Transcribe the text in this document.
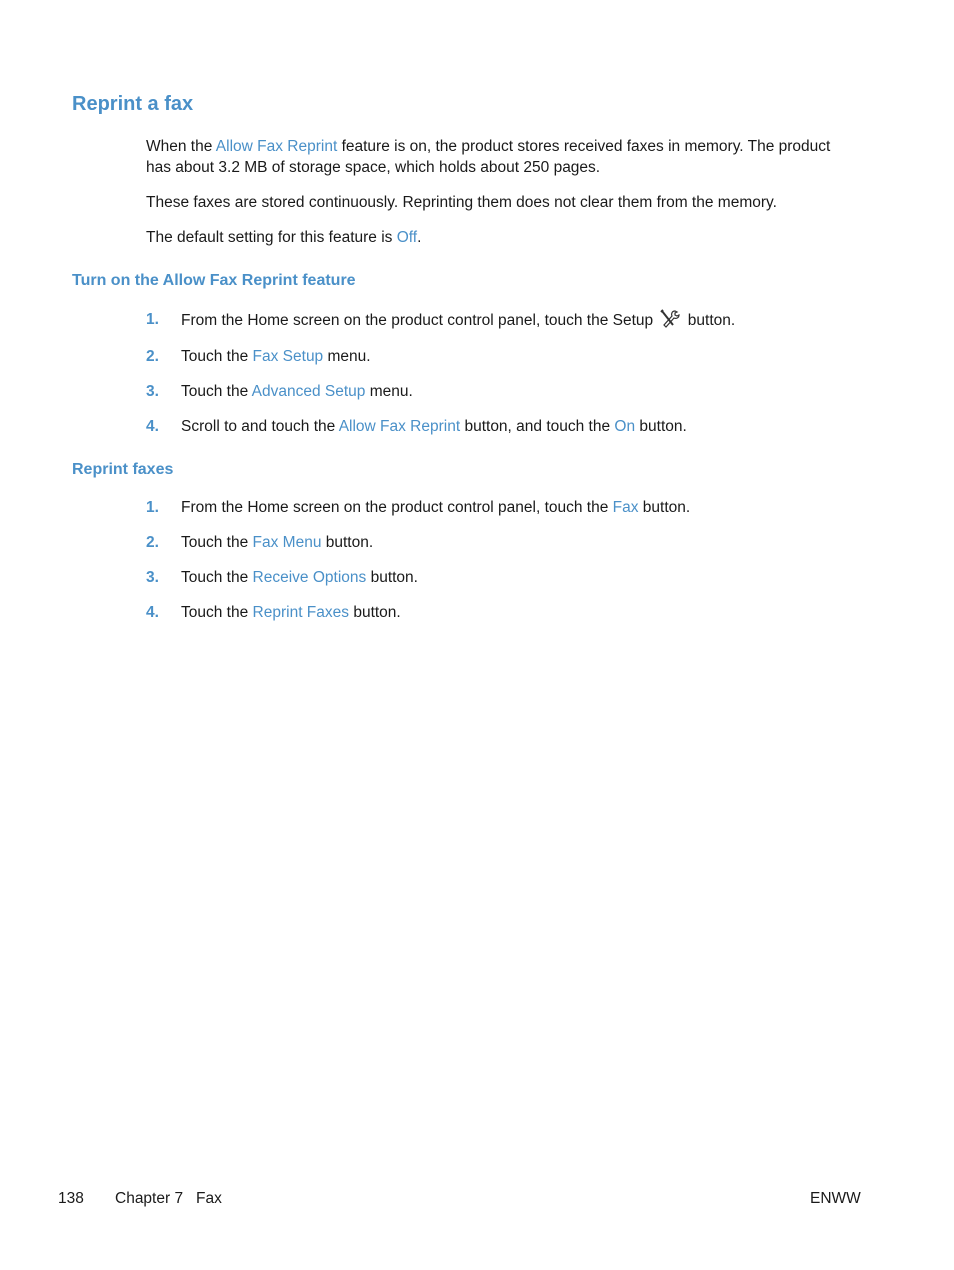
Reprint a fax

When the Allow Fax Reprint feature is on, the product stores received faxes in memory. The product
has about 3.2 MB of storage space, which holds about 250 pages.

These faxes are stored continuously. Reprinting them does not clear them from the memory.

The default setting for this feature is Off.

Turn on the Allow Fax Reprint feature
1. From the Home screen on the product control panel, touch the Setup  button.
2. Touch the Fax Setup menu.
3. Touch the Advanced Setup menu.
4. Scroll to and touch the Allow Fax Reprint button, and touch the On button.
Reprint faxes
1. From the Home screen on the product control panel, touch the Fax button.
2. Touch the Fax Menu button.
3. Touch the Receive Options button.
4. Touch the Reprint Faxes button.
138 Chapter 7   Fax	ENWW
